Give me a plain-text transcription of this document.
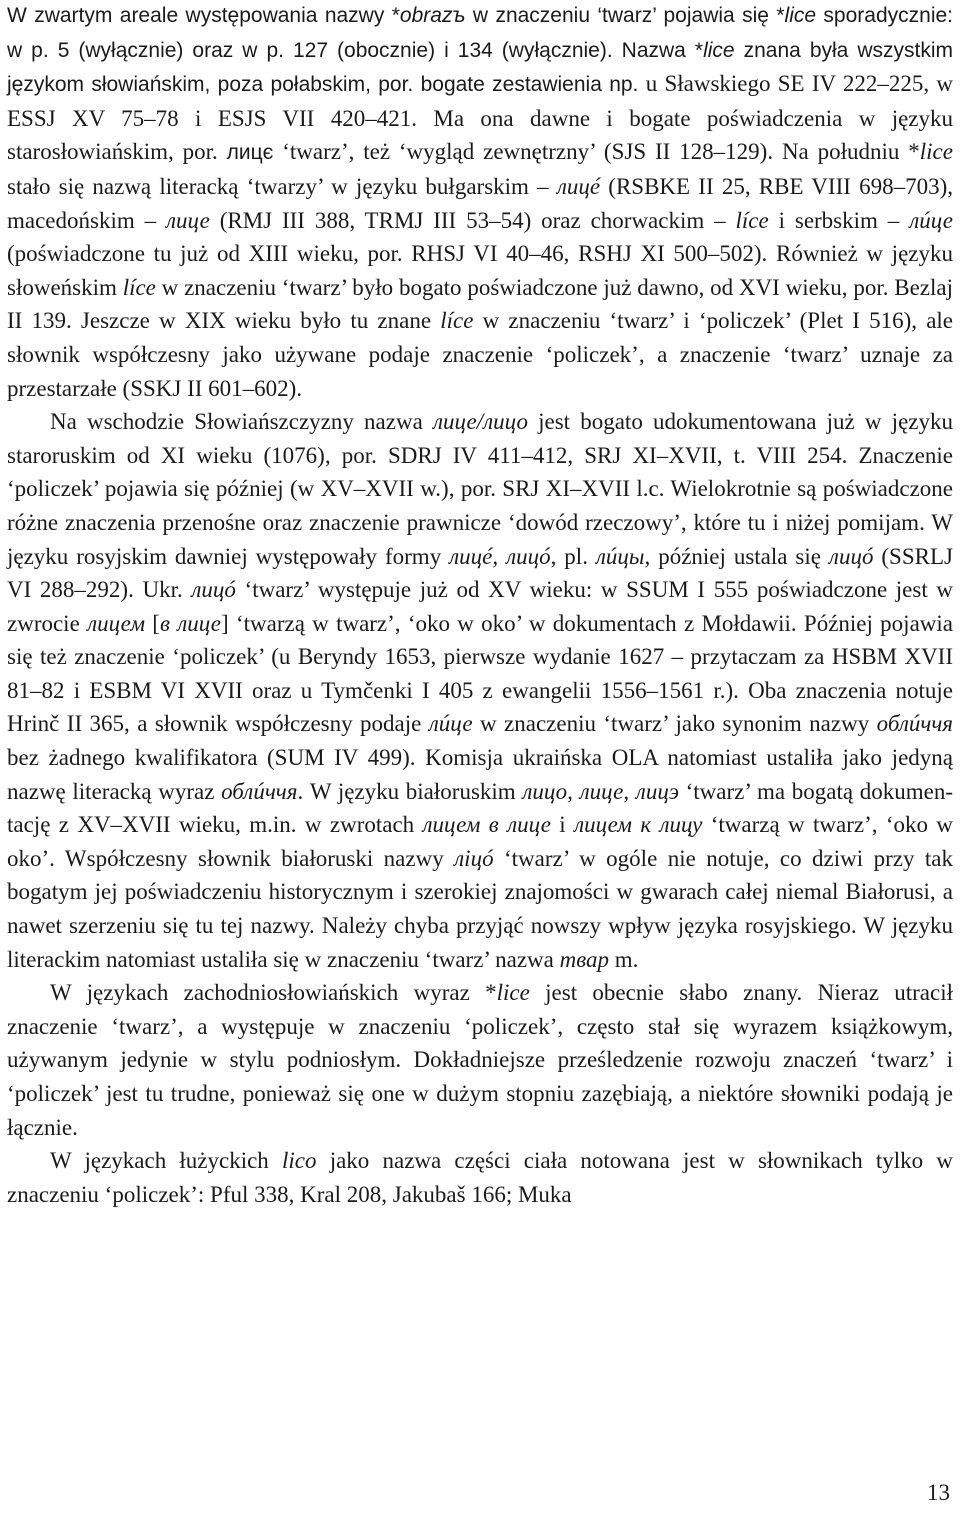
W zwartym areale występowania nazwy *obrazъ w znaczeniu ‘twarz’ pojawia się *lice sporadycznie: w p. 5 (wyłącznie) oraz w p. 127 (obocznie) i 134 (wyłącznie). Nazwa *lice znana była wszystkim językom słowiańskim, poza połabskim, por. bogate zestawienia np. u Sławskiego SE IV 222–225, w ESSJ XV 75–78 i ESJS VII 420–421. Ma ona dawne i bogate poświadczenia w języku starosłowiańskim, por. лицє ‘twarz’, też ‘wygląd zewnętrzny’ (SJS II 128–129). Na południu *lice stało się nazwą literacką ‘twarzy’ w języku bułgarskim – лицé (RSBKE II 25, RBE VIII 698–703), macedońskim – лице (RMJ III 388, TRMJ III 53–54) oraz chorwackim – líce i serbskim – лúце (poświadczone tu już od XIII wieku, por. RHSJ VI 40–46, RSHJ XI 500–502). Również w języku słoweńskim líce w znaczeniu ‘twarz’ było bogato poświadczone już dawno, od XVI wieku, por. Bezlaj II 139. Jeszcze w XIX wieku było tu znane líce w znaczeniu ‘twarz’ i ‘policzek’ (Plet I 516), ale słownik współczesny jako używane podaje znaczenie ‘policzek’, a znaczenie ‘twarz’ uznaje za przestarzałe (SSKJ II 601–602).

Na wschodzie Słowiańszczyzny nazwa лице/лицо jest bogato udokumentowana już w języku staroruskim od XI wieku (1076), por. SDRJ IV 411–412, SRJ XI–XVII, t. VIII 254. Znaczenie ‘policzek’ pojawia się później (w XV–XVII w.), por. SRJ XI–XVII l.c. Wielokrotnie są poświadczone różne znaczenia przenośne oraz znaczenie prawnicze ‘dowód rzeczowy’, które tu i niżej pomijam. W języku rosyjskim dawniej występowały formy лицé, лицó, pl. лúцы, później ustala się лицó (SSRLJ VI 288–292). Ukr. лицó ‘twarz’ występuje już od XV wieku: w SSUM I 555 poświadczone jest w zwrocie лицем [в лице] ‘twarzą w twarz’, ‘oko w oko’ w dokumentach z Mołdawii. Później pojawia się też znaczenie ‘policzek’ (u Beryndy 1653, pierwsze wydanie 1627 – przytaczam za HSBM XVII 81–82 i ESBM VI XVII oraz u Tymčenki I 405 z ewangelii 1556–1561 r.). Oba znaczenia notuje Hrinč II 365, a słownik współczesny podaje лúце w znaczeniu ‘twarz’ jako synonim nazwy облúччя bez żadnego kwalifikatora (SUM IV 499). Komisja ukraińska OLA natomiast ustaliła jako jedyną nazwę literacką wyraz облúччя. W języku białoruskim лицо, лице, лицэ ‘twarz’ ma bogatą dokumentację z XV–XVII wieku, m.in. w zwrotach лицем в лице i лицем к лицу ‘twarzą w twarz’, ‘oko w oko’. Współczesny słownik białoruski nazwy ліцó ‘twarz’ w ogóle nie notuje, co dziwi przy tak bogatym jej poświadczeniu historycznym i szerokiej znajomości w gwarach całej niemal Białorusi, a nawet szerzeniu się tu tej nazwy. Należy chyba przyjąć nowszy wpływ języka rosyjskiego. W języku literackim natomiast ustaliła się w znaczeniu ‘twarz’ nazwa твар m.

W językach zachodniosłowiańskich wyraz *lice jest obecnie słabo znany. Nieraz utracił znaczenie ‘twarz’, a występuje w znaczeniu ‘policzek’, często stał się wyrazem książkowym, używanym jedynie w stylu podniosłym. Dokładniejsze prześledzenie rozwoju znaczeń ‘twarz’ i ‘policzek’ jest tu trudne, ponieważ się one w dużym stopniu zazębiają, a niektóre słowniki podają je łącznie.

W językach łużyckich lico jako nazwa części ciała notowana jest w słownikach tylko w znaczeniu ‘policzek’: Pful 338, Kral 208, Jakubaš 166; Muka

13
